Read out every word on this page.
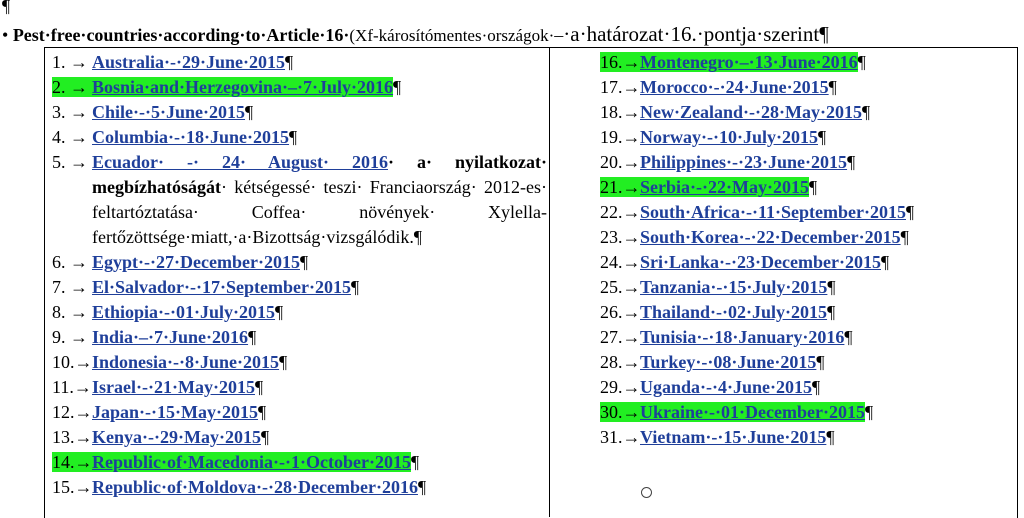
¶
• Pest·free·countries·according·to·Article·16·(Xf-károsítómentes·országok·–·a·határozat·16.·pontja·szerint¶
1. → Australia·-·29·June·2015¶
2. → Bosnia·and·Herzegovina·–·7·July·2016¶
3. → Chile·-·5·June·2015¶
4. → Columbia·-·18·June·2015¶
5. → Ecuador· -· 24· August· 2016· a· nyilatkozat· megbízhatóságát· kétségessé· teszi· Franciaország· 2012-es· feltartóztatása· Coffea· növények· Xylella-fertőzöttsége·miatt,·a·Bizottság·vizsgálódik.¶
6. → Egypt·-·27·December·2015¶
7. → El·Salvador·-·17·September·2015¶
8. → Ethiopia·-·01·July·2015¶
9. → India·–·7·June·2016¶
10.→Indonesia·-·8·June·2015¶
11.→Israel·-·21·May·2015¶
12.→Japan·-·15·May·2015¶
13.→Kenya·-·29·May·2015¶
14.→Republic·of·Macedonia·-·1·October·2015¶
15.→Republic·of·Moldova·-·28·December·2016¶
16.→Montenegro·–·13·June·2016¶
17.→Morocco·-·24·June·2015¶
18.→New·Zealand·-·28·May·2015¶
19.→Norway·-·10·July·2015¶
20.→Philippines·-·23·June·2015¶
21.→Serbia·-·22·May·2015¶
22.→South·Africa·-·11·September·2015¶
23.→South·Korea·-·22·December·2015¶
24.→Sri·Lanka·-·23·December·2015¶
25.→Tanzania·-·15·July·2015¶
26.→Thailand·-·02·July·2015¶
27.→Tunisia·-·18·January·2016¶
28.→Turkey·-·08·June·2015¶
29.→Uganda·-·4·June·2015¶
30.→Ukraine·-·01·December·2015¶
31.→Vietnam·-·15·June·2015¶
